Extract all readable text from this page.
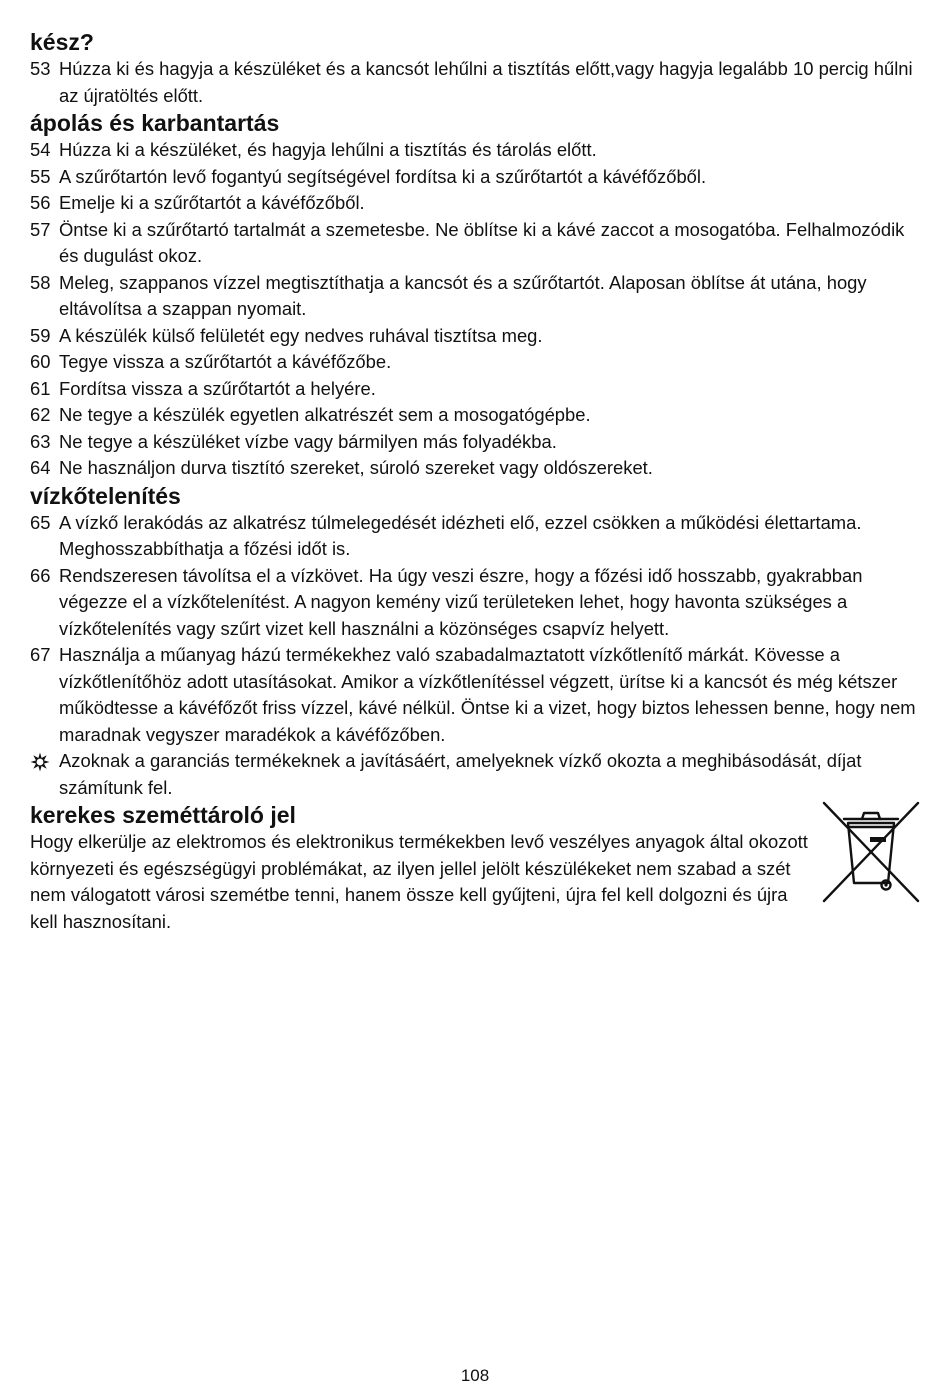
kész?
53 Húzza ki és hagyja a készüléket és a kancsót lehűlni a tisztítás előtt,vagy hagyja legalább 10 percig hűlni az újratöltés előtt.
ápolás és karbantartás
54 Húzza ki a készüléket, és hagyja lehűlni a tisztítás és tárolás előtt.
55 A szűrőtartón levő fogantyú segítségével fordítsa ki a szűrőtartót a kávéfőzőből.
56 Emelje ki a szűrőtartót a kávéfőzőből.
57 Öntse ki a szűrőtartó tartalmát a szemetesbe. Ne öblítse ki a kávé zaccot a mosogatóba. Felhalmozódik és dugulást okoz.
58 Meleg, szappanos vízzel megtisztíthatja a kancsót és a szűrőtartót. Alaposan öblítse át utána, hogy eltávolítsa a szappan nyomait.
59 A készülék külső felületét egy nedves ruhával tisztítsa meg.
60 Tegye vissza a szűrőtartót a kávéfőzőbe.
61 Fordítsa vissza a szűrőtartót a helyére.
62 Ne tegye a készülék egyetlen alkatrészét sem a mosogatógépbe.
63 Ne tegye a készüléket vízbe vagy bármilyen más folyadékba.
64 Ne használjon durva tisztító szereket, súroló szereket vagy oldószereket.
vízkőtelenítés
65 A vízkő lerakódás az alkatrész túlmelegedését idézheti elő, ezzel csökken a működési élettartama. Meghosszabbíthatja a főzési időt is.
66 Rendszeresen távolítsa el a vízkövet. Ha úgy veszi észre, hogy a főzési idő hosszabb, gyakrabban végezze el a vízkőtelenítést. A nagyon kemény vizű területeken lehet, hogy havonta szükséges a vízkőtelenítés vagy szűrt vizet kell használni a közönséges csapvíz helyett.
67 Használja a műanyag házú termékekhez való szabadalmaztatott vízkőtlenítő márkát. Kövesse a vízkőtlenítőhöz adott utasításokat. Amikor a vízkőtlenítéssel végzett, ürítse ki a kancsót és még kétszer működtesse a kávéfőzőt friss vízzel, kávé nélkül. Öntse ki a vizet, hogy biztos lehessen benne, hogy nem maradnak vegyszer maradékok a kávéfőzőben.
Azoknak a garanciás termékeknek a javításáért, amelyeknek vízkő okozta a meghibásodását, díjat számítunk fel.
kerekes szeméttároló jel
Hogy elkerülje az elektromos és elektronikus termékekben levő veszélyes anyagok által okozott környezeti és egészségügyi problémákat, az ilyen jellel jelölt készülékeket nem szabad a szét nem válogatott városi szemétbe tenni, hanem össze kell gyűjteni, újra fel kell dolgozni és újra kell hasznosítani.
108
